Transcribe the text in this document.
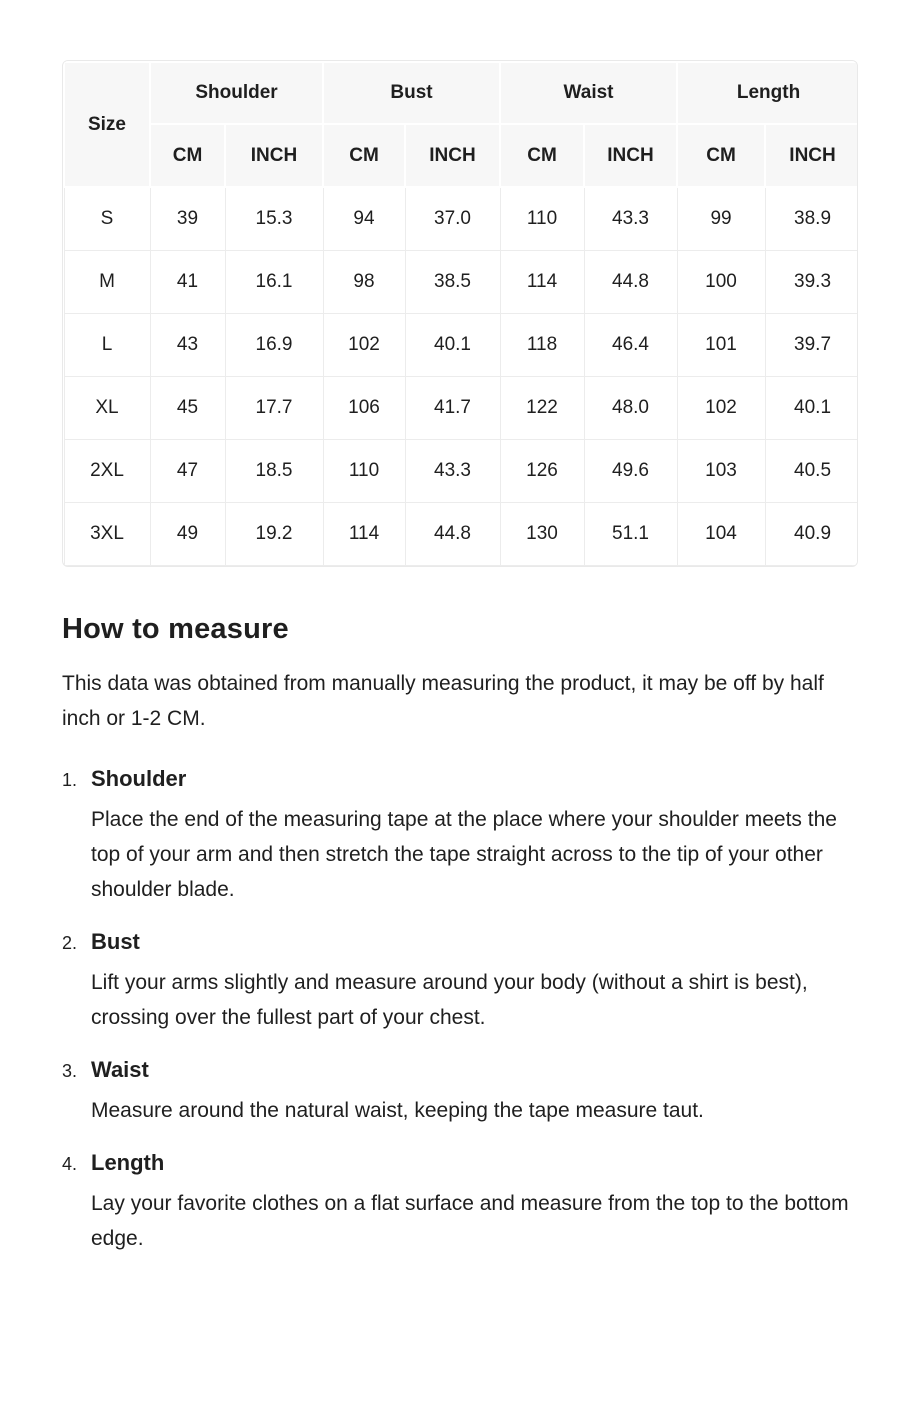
Size	Shoulder		Bust		Waist		Length	
	CM	INCH	CM	INCH	CM	INCH	CM	INCH
S	39	15.3	94	37.0	110	43.3	99	38.9
M	41	16.1	98	38.5	114	44.8	100	39.3
L	43	16.9	102	40.1	118	46.4	101	39.7
XL	45	17.7	106	41.7	122	48.0	102	40.1
2XL	47	18.5	110	43.3	126	49.6	103	40.5
3XL	49	19.2	114	44.8	130	51.1	104	40.9
How to measure

This data was obtained from manually measuring the product, it may be off by half inch or 1-2 CM.

1. Shoulder

Place the end of the measuring tape at the place where your shoulder meets the top of your arm and then stretch the tape straight across to the tip of your other shoulder blade.

2. Bust

Lift your arms slightly and measure around your body (without a shirt is best), crossing over the fullest part of your chest.

3. Waist

Measure around the natural waist, keeping the tape measure taut.

4. Length

Lay your favorite clothes on a flat surface and measure from the top to the bottom edge.
